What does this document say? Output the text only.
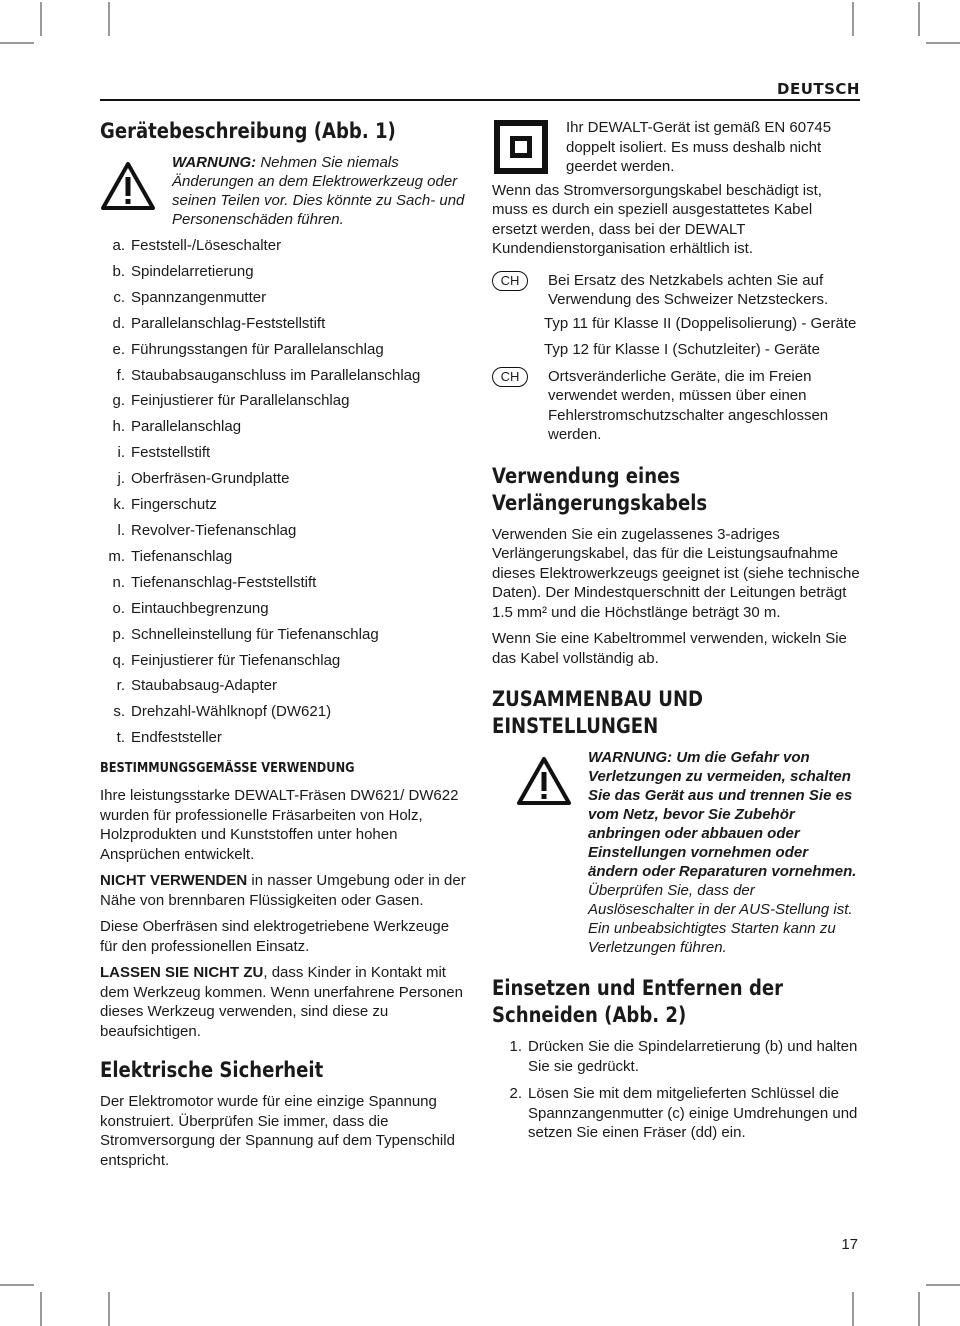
DEUTSCH
Gerätebeschreibung (Abb. 1)
WARNUNG: Nehmen Sie niemals Änderungen an dem Elektrowerkzeug oder seinen Teilen vor. Dies könnte zu Sach- und Personenschäden führen.
a. Feststell-/Löseschalter
b. Spindelarretierung
c. Spannzangenmutter
d. Parallelanschlag-Feststellstift
e. Führungsstangen für Parallelanschlag
f. Staubabsauganschluss im Parallelanschlag
g. Feinjustierer für Parallelanschlag
h. Parallelanschlag
i. Feststellstift
j. Oberfräsen-Grundplatte
k. Fingerschutz
l. Revolver-Tiefenanschlag
m. Tiefenanschlag
n. Tiefenanschlag-Feststellstift
o. Eintauchbegrenzung
p. Schnelleinstellung für Tiefenanschlag
q. Feinjustierer für Tiefenanschlag
r. Staubabsaug-Adapter
s. Drehzahl-Wählknopf (DW621)
t. Endfeststeller
BESTIMMUNGSGEMÄSSE VERWENDUNG

Ihre leistungsstarke DEWALT-Fräsen DW621/ DW622 wurden für professionelle Fräsarbeiten von Holz, Holzprodukten und Kunststoffen unter hohen Ansprüchen entwickelt.

NICHT VERWENDEN in nasser Umgebung oder in der Nähe von brennbaren Flüssigkeiten oder Gasen.

Diese Oberfräsen sind elektrogetriebene Werkzeuge für den professionellen Einsatz.

LASSEN SIE NICHT ZU, dass Kinder in Kontakt mit dem Werkzeug kommen. Wenn unerfahrene Personen dieses Werkzeug verwenden, sind diese zu beaufsichtigen.

Elektrische Sicherheit

Der Elektromotor wurde für eine einzige Spannung konstruiert. Überprüfen Sie immer, dass die Stromversorgung der Spannung auf dem Typenschild entspricht.

Ihr DEWALT-Gerät ist gemäß EN 60745 doppelt isoliert. Es muss deshalb nicht geerdet werden.

Wenn das Stromversorgungskabel beschädigt ist, muss es durch ein speziell ausgestattetes Kabel ersetzt werden, dass bei der DEWALT Kundendienstorganisation erhältlich ist.

CH	Bei Ersatz des Netzkabels achten Sie auf Verwendung des Schweizer Netzsteckers.

Typ 11 für Klasse II (Doppelisolierung) - Geräte

Typ 12 für Klasse I (Schutzleiter) - Geräte

CH	Ortsveränderliche Geräte, die im Freien verwendet werden, müssen über einen Fehlerstromschutzschalter angeschlossen werden.

Verwendung eines
Verlängerungskabels

Verwenden Sie ein zugelassenes 3-adriges Verlängerungskabel, das für die Leistungsaufnahme dieses Elektrowerkzeugs geeignet ist (siehe technische Daten). Der Mindestquerschnitt der Leitungen beträgt 1.5 mm² und die Höchstlänge beträgt 30 m.

Wenn Sie eine Kabeltrommel verwenden, wickeln Sie das Kabel vollständig ab.

ZUSAMMENBAU UND
EINSTELLUNGEN
WARNUNG: Um die Gefahr von Verletzungen zu vermeiden, schalten Sie das Gerät aus und trennen Sie es vom Netz, bevor Sie Zubehör anbringen oder abbauen oder Einstellungen vornehmen oder ändern oder Reparaturen vornehmen. Überprüfen Sie, dass der Auslöseschalter in der AUS-Stellung ist. Ein unbeabsichtigtes Starten kann zu Verletzungen führen.
Einsetzen und Entfernen der
Schneiden (Abb. 2)
1. Drücken Sie die Spindelarretierung (b) und halten Sie sie gedrückt.
2. Lösen Sie mit dem mitgelieferten Schlüssel die Spannzangenmutter (c) einige Umdrehungen und setzen Sie einen Fräser (dd) ein.
17
